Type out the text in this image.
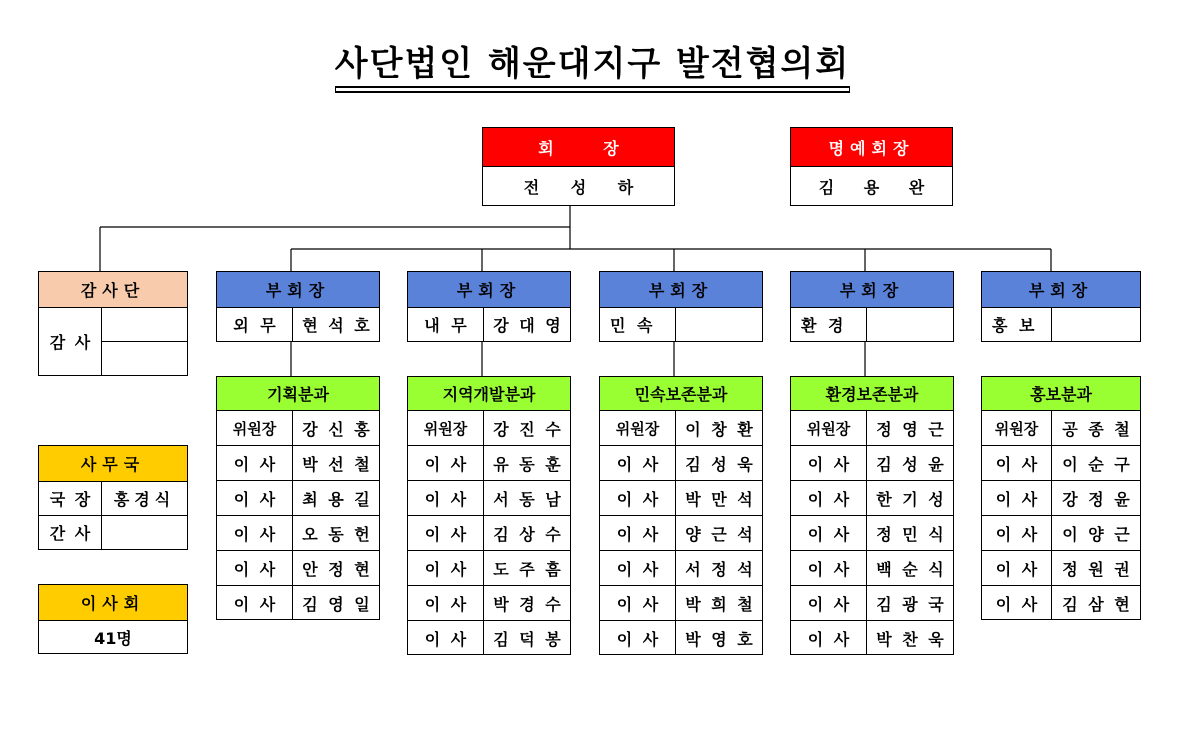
사단법인 해운대지구 발전협의회
회 장
전 성 하
명예회장
김 용 완
감사단
감 사
사무국
국 장	홍경식
간 사
이사회
41명
부회장
외 무	현 석 호
부회장
내 무	강 대 영
부회장
민 속
부회장
환 경
부회장
홍 보
기획분과
위원장	강 신 홍
이 사	박 선 철
이 사	최 용 길
이 사	오 동 헌
이 사	안 정 현
이 사	김 영 일
지역개발분과
위원장	강 진 수
이 사	유 동 훈
이 사	서 동 남
이 사	김 상 수
이 사	도 주 흠
이 사	박 경 수
이 사	김 덕 봉
민속보존분과
위원장	이 창 환
이 사	김 성 욱
이 사	박 만 석
이 사	양 근 석
이 사	서 정 석
이 사	박 희 철
이 사	박 영 호
환경보존분과
위원장	정 영 근
이 사	김 성 윤
이 사	한 기 성
이 사	정 민 식
이 사	백 순 식
이 사	김 광 국
이 사	박 찬 욱
홍보분과
위원장	공 종 철
이 사	이 순 구
이 사	강 정 윤
이 사	이 양 근
이 사	정 원 권
이 사	김 삼 현
